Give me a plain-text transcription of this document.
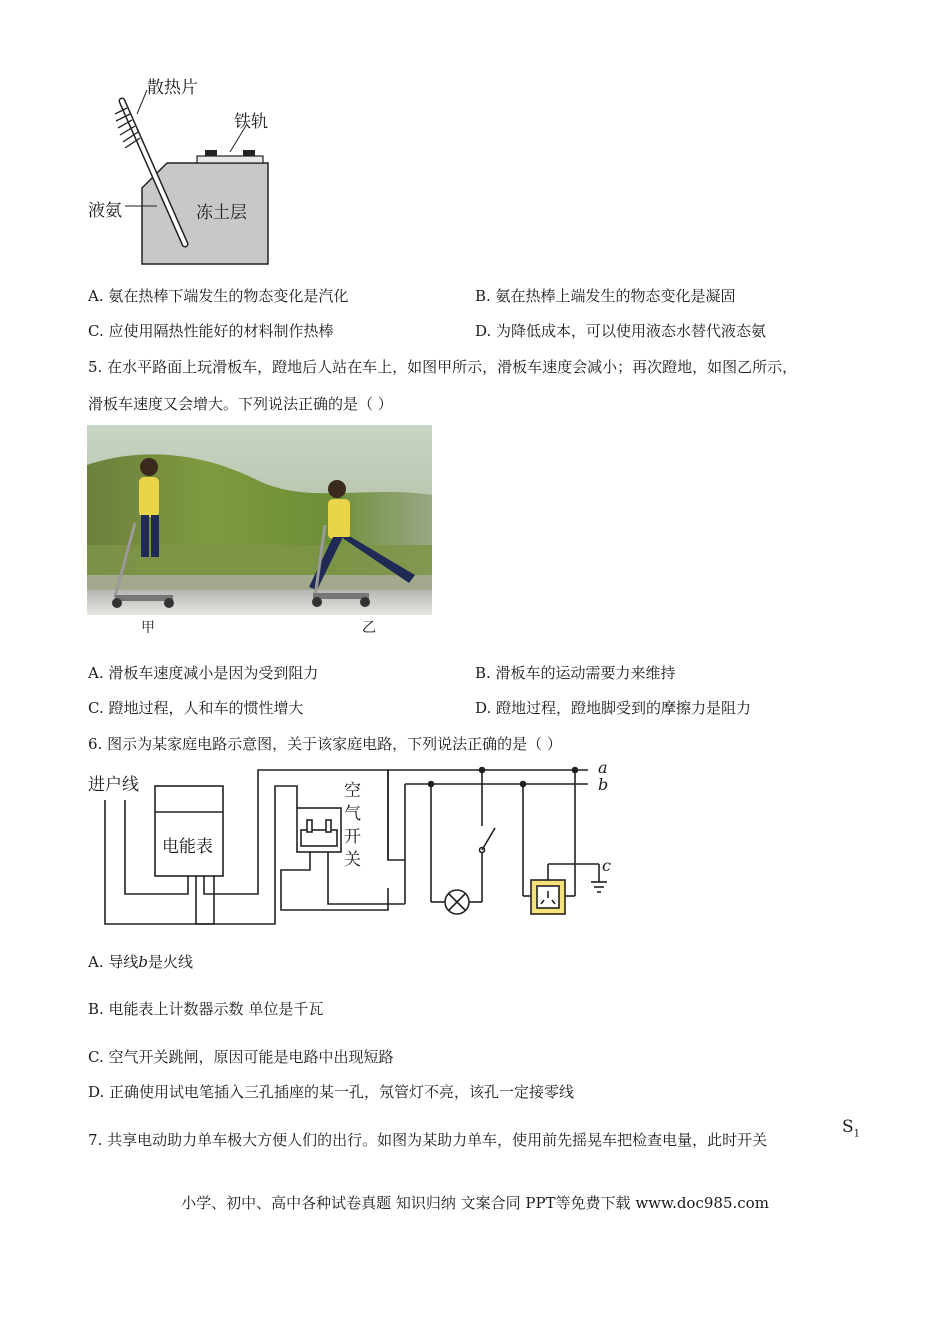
散热片
铁轨
液氨	冻土层
A. 氨在热棒下端发生的物态变化是汽化	B. 氨在热棒上端发生的物态变化是凝固
C. 应使用隔热性能好的材料制作热棒	D. 为降低成本，可以使用液态水替代液态氨
5. 在水平路面上玩滑板车，蹬地后人站在车上，如图甲所示，滑板车速度会减小；再次蹬地，如图乙所示，
滑板车速度又会增大。下列说法正确的是（ ）
甲	乙
A. 滑板车速度减小是因为受到阻力	B. 滑板车的运动需要力来维持
C. 蹬地过程，人和车的惯性增大	D. 蹬地过程，蹬地脚受到的摩擦力是阻力
6. 图示为某家庭电路示意图，关于该家庭电路，下列说法正确的是（ ）
进户线
电能表
空气开关
a
b
c
A. 导线b是火线
B. 电能表上计数器示数 单位是千瓦
C. 空气开关跳闸，原因可能是电路中出现短路
D. 正确使用试电笔插入三孔插座的某一孔，氖管灯不亮，该孔一定接零线
7. 共享电动助力单车极大方便人们的出行。如图为某助力单车，使用前先摇晃车把检查电量，此时开关
$S_1$
小学、初中、高中各种试卷真题 知识归纳 文案合同 PPT等免费下载 www.doc985.com
